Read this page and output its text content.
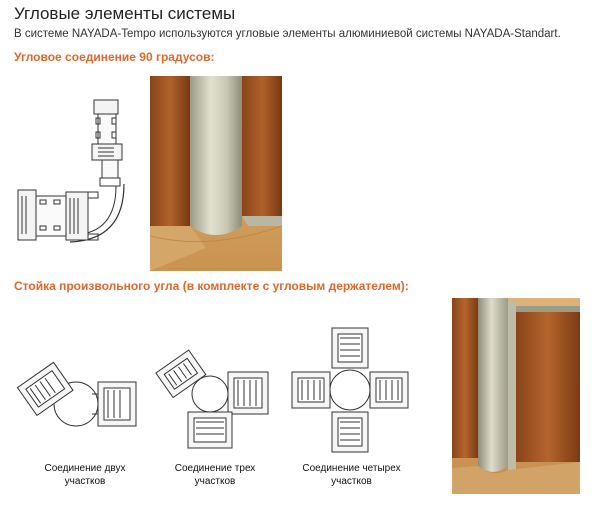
Угловые элементы системы
В системе NAYADA-Tempo используются угловые элементы алюминиевой системы NAYADA-Standart.
Угловое соединение 90 градусов:
Стойка произвольного угла (в комплекте с угловым держателем):
Соединение двух
участков
Соединение трех
участков
Соединение четырех
участков
